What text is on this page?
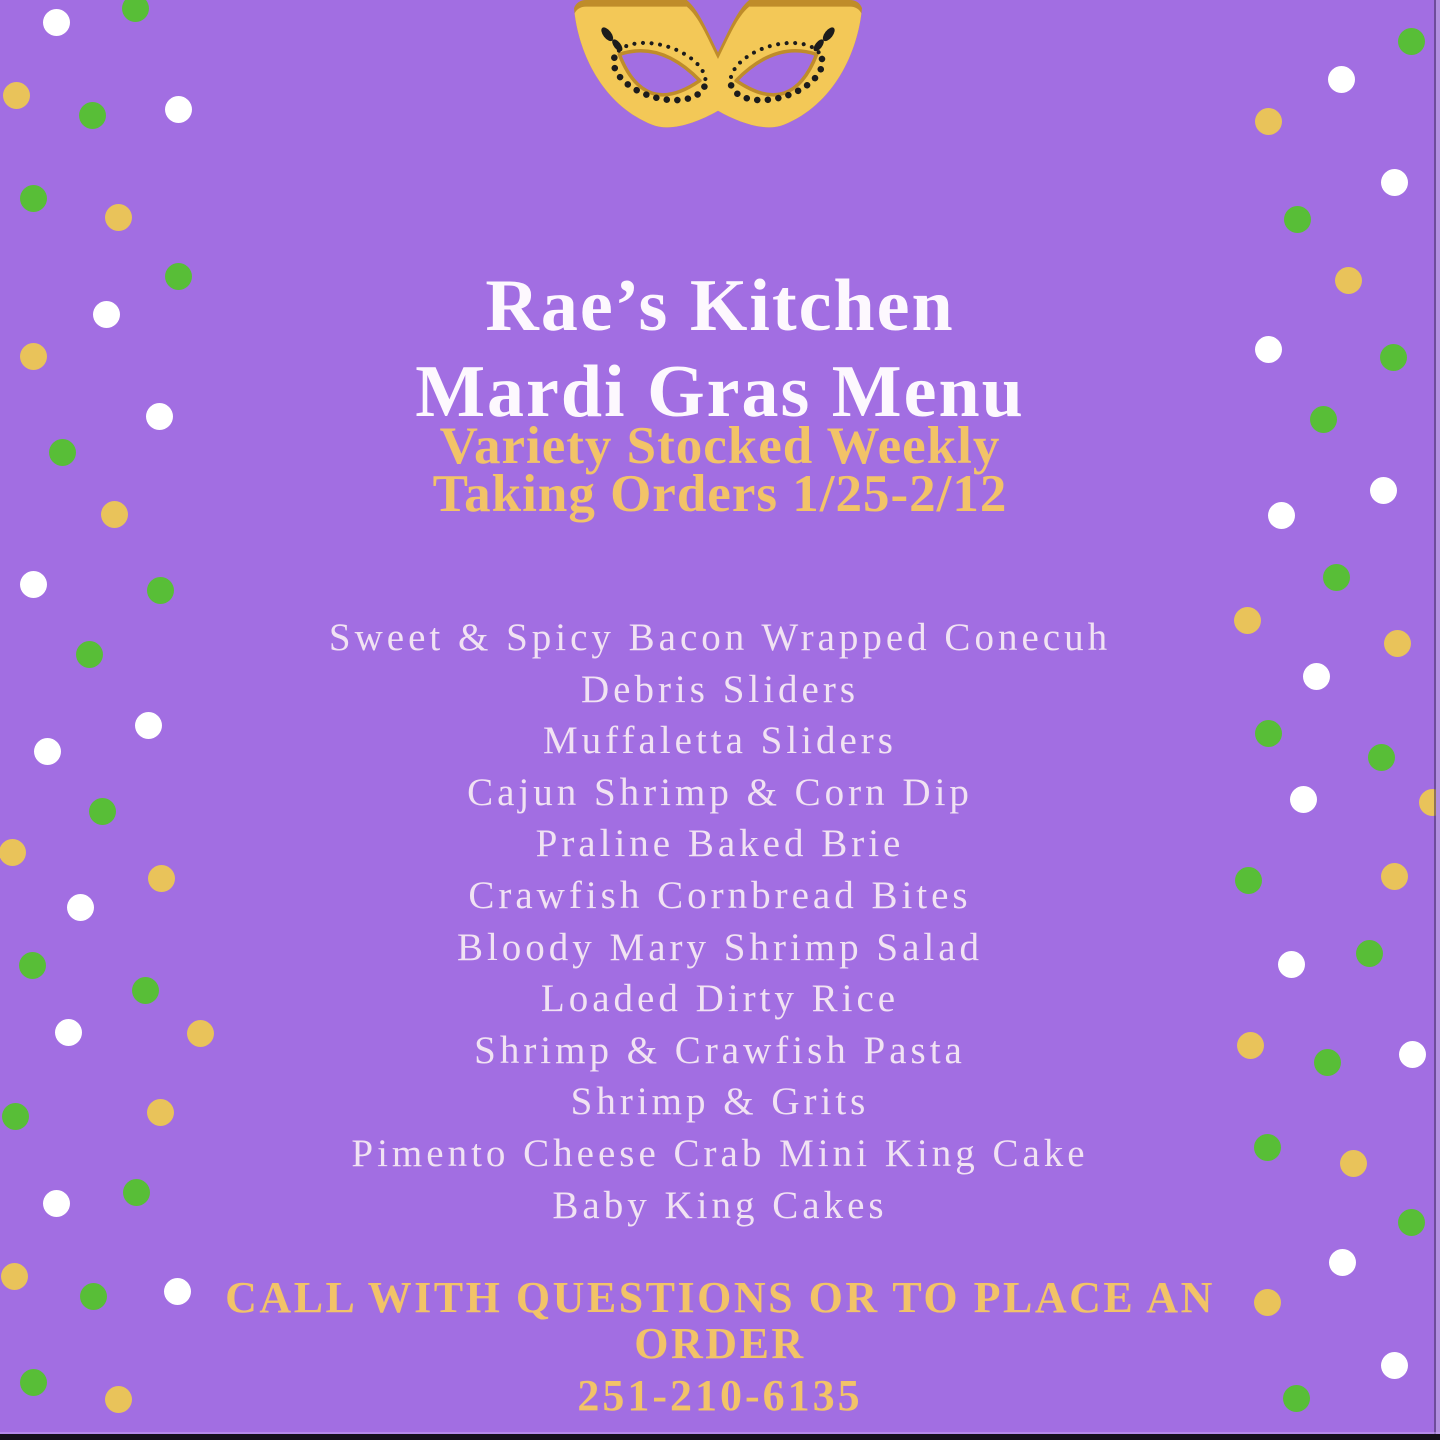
Rae’s Kitchen
Mardi Gras Menu
Variety Stocked Weekly
Taking Orders 1/25-2/12
Sweet & Spicy Bacon Wrapped Conecuh
Debris Sliders
Muffaletta Sliders
Cajun Shrimp & Corn Dip
Praline Baked Brie
Crawfish Cornbread Bites
Bloody Mary Shrimp Salad
Loaded Dirty Rice
Shrimp & Crawfish Pasta
Shrimp & Grits
Pimento Cheese Crab Mini King Cake
Baby King Cakes
CALL WITH QUESTIONS OR TO PLACE AN
ORDER
251-210-6135
